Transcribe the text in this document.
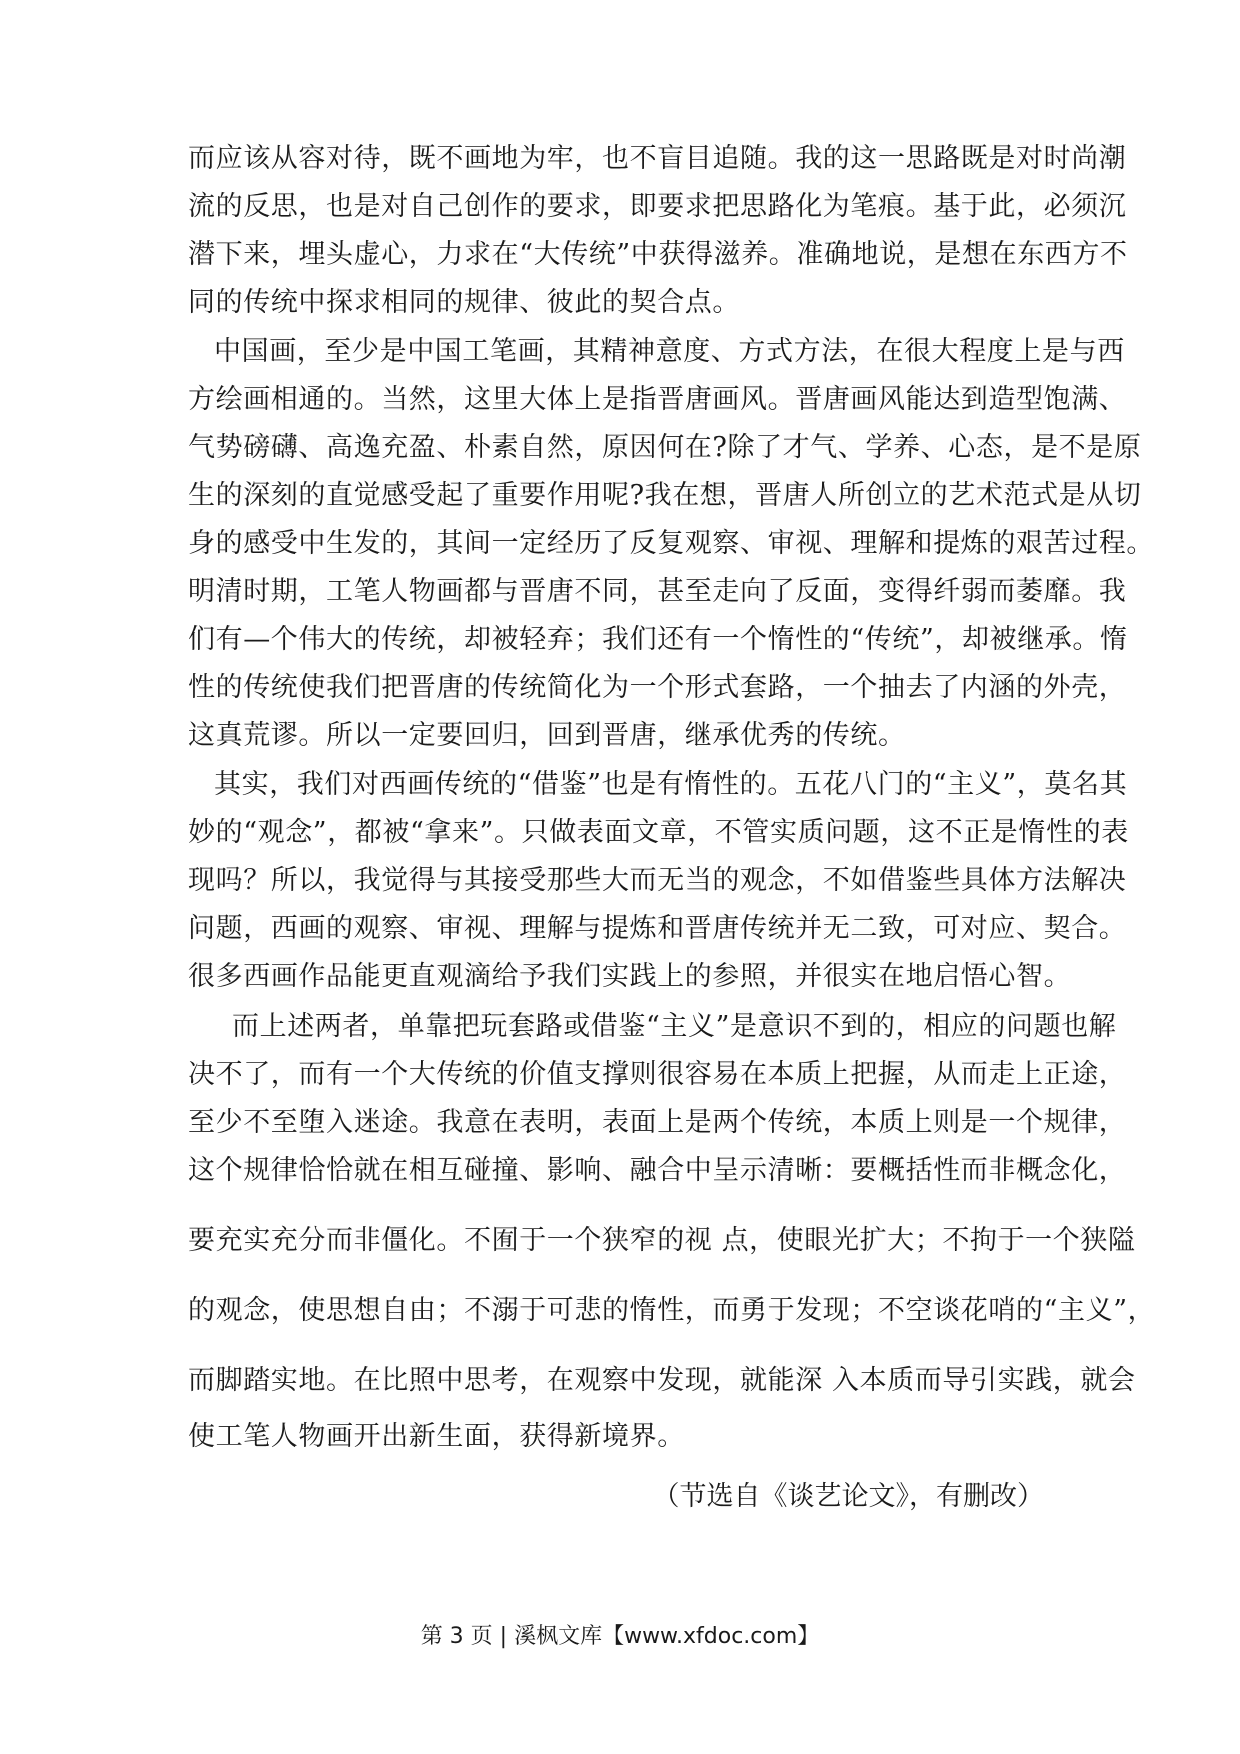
而应该从容对待，既不画地为牢，也不盲目追随。我的这一思路既是对时尚潮
流的反思，也是对自己创作的要求，即要求把思路化为笔痕。基于此，必须沉
潜下来，埋头虚心，力求在“大传统”中获得滋养。准确地说，是想在东西方不
同的传统中探求相同的规律、彼此的契合点。
中国画，至少是中国工笔画，其精神意度、方式方法，在很大程度上是与西
方绘画相通的。当然，这里大体上是指晋唐画风。晋唐画风能达到造型饱满、
气势磅礴、高逸充盈、朴素自然，原因何在?除了才气、学养、心态，是不是原
生的深刻的直觉感受起了重要作用呢?我在想，晋唐人所创立的艺术范式是从切
身的感受中生发的，其间一定经历了反复观察、审视、理解和提炼的艰苦过程。
明清时期，工笔人物画都与晋唐不同，甚至走向了反面，变得纤弱而萎靡。我
们有—个伟大的传统，却被轻弃；我们还有一个惰性的“传统”，却被继承。惰
性的传统使我们把晋唐的传统简化为一个形式套路，一个抽去了内涵的外壳，
这真荒谬。所以一定要回归，回到晋唐，继承优秀的传统。
其实，我们对西画传统的“借鉴”也是有惰性的。五花八门的“主义”，莫名其
妙的“观念”，都被“拿来”。只做表面文章，不管实质问题，这不正是惰性的表
现吗？所以，我觉得与其接受那些大而无当的观念，不如借鉴些具体方法解决
问题，西画的观察、审视、理解与提炼和晋唐传统并无二致，可对应、契合。
很多西画作品能更直观滴给予我们实践上的参照，并很实在地启悟心智。
而上述两者，单靠把玩套路或借鉴“主义”是意识不到的，相应的问题也解
决不了，而有一个大传统的价值支撑则很容易在本质上把握，从而走上正途，
至少不至堕入迷途。我意在表明，表面上是两个传统，本质上则是一个规律，
这个规律恰恰就在相互碰撞、影响、融合中呈示清晰：要概括性而非概念化，
要充实充分而非僵化。不囿于一个狭窄的视 点，使眼光扩大；不拘于一个狭隘
的观念，使思想自由；不溺于可悲的惰性，而勇于发现；不空谈花哨的“主义”，
而脚踏实地。在比照中思考，在观察中发现，就能深 入本质而导引实践，就会
使工笔人物画开出新生面，获得新境界。
（节选自《谈艺论文》，有删改）
第 3 页 | 溪枫文库【www.xfdoc.com】
